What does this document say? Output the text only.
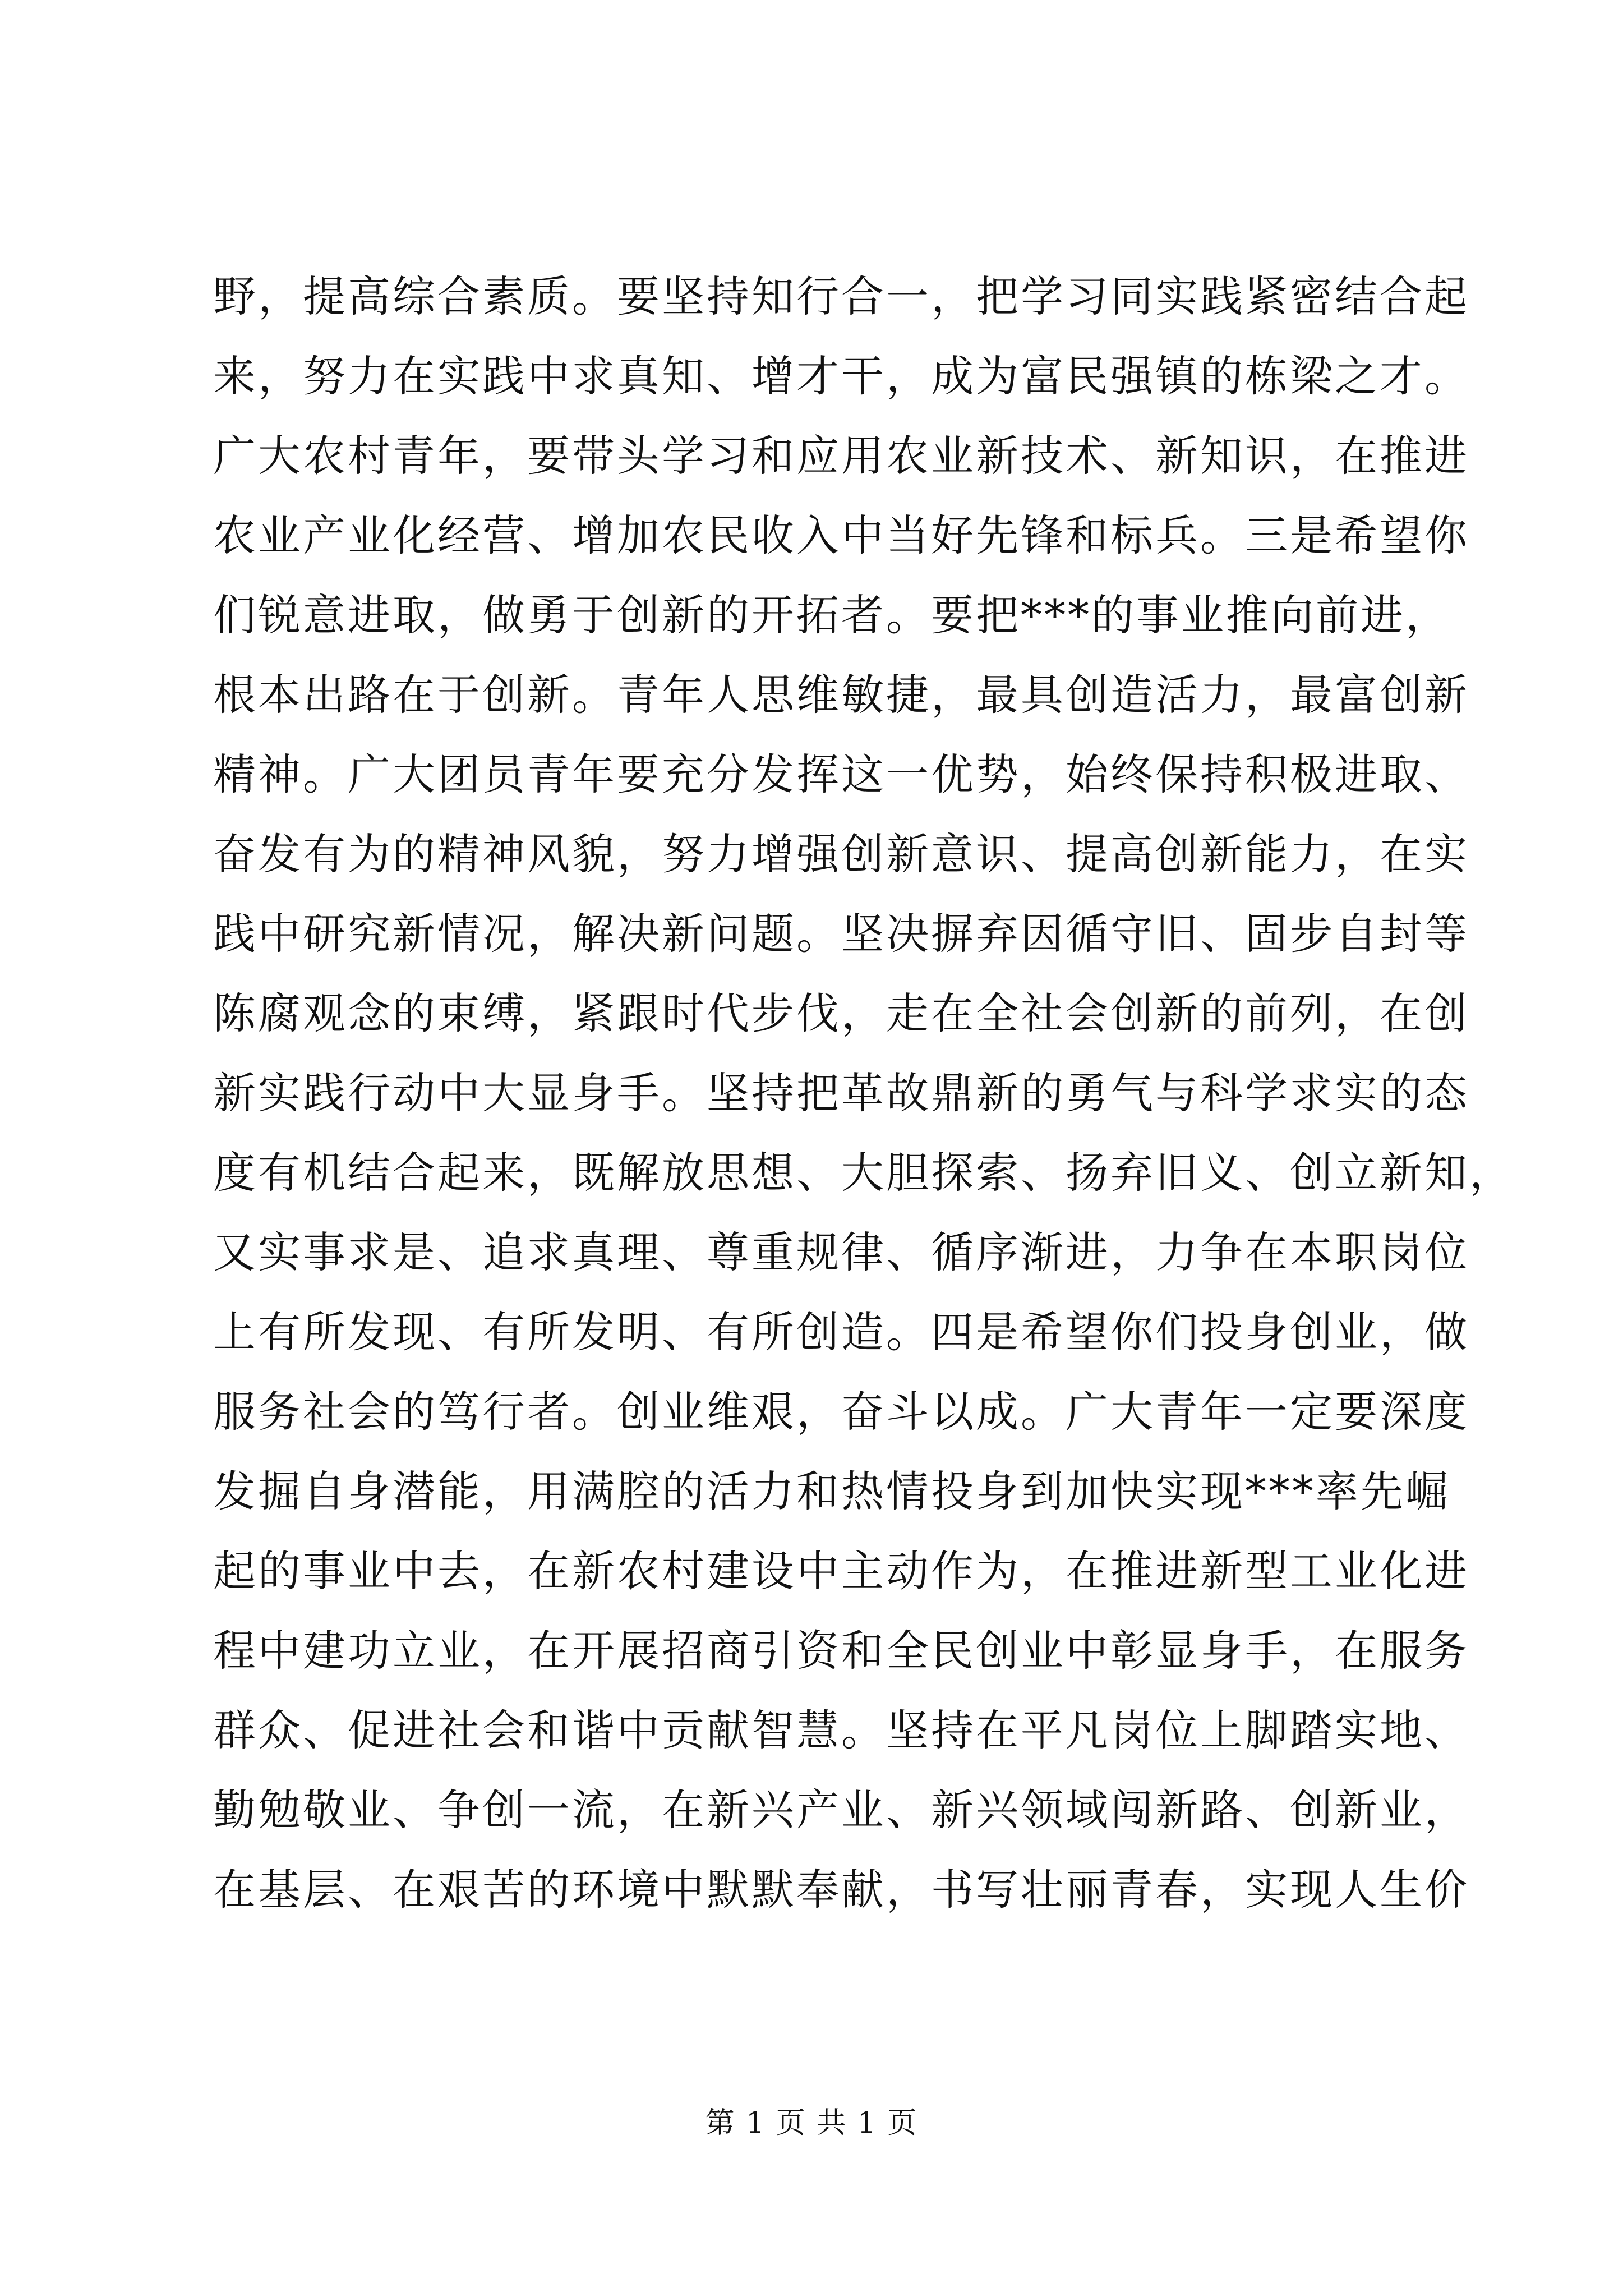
野，提高综合素质。要坚持知行合一，把学习同实践紧密结合起
来，努力在实践中求真知、增才干，成为富民强镇的栋梁之才。
广大农村青年，要带头学习和应用农业新技术、新知识，在推进
农业产业化经营、增加农民收入中当好先锋和标兵。三是希望你
们锐意进取，做勇于创新的开拓者。要把***的事业推向前进，
根本出路在于创新。青年人思维敏捷，最具创造活力，最富创新
精神。广大团员青年要充分发挥这一优势，始终保持积极进取、
奋发有为的精神风貌，努力增强创新意识、提高创新能力，在实
践中研究新情况，解决新问题。坚决摒弃因循守旧、固步自封等
陈腐观念的束缚，紧跟时代步伐，走在全社会创新的前列，在创
新实践行动中大显身手。坚持把革故鼎新的勇气与科学求实的态
度有机结合起来，既解放思想、大胆探索、扬弃旧义、创立新知，
又实事求是、追求真理、尊重规律、循序渐进，力争在本职岗位
上有所发现、有所发明、有所创造。四是希望你们投身创业，做
服务社会的笃行者。创业维艰，奋斗以成。广大青年一定要深度
发掘自身潜能，用满腔的活力和热情投身到加快实现***率先崛
起的事业中去，在新农村建设中主动作为，在推进新型工业化进
程中建功立业，在开展招商引资和全民创业中彰显身手，在服务
群众、促进社会和谐中贡献智慧。坚持在平凡岗位上脚踏实地、
勤勉敬业、争创一流，在新兴产业、新兴领域闯新路、创新业，
在基层、在艰苦的环境中默默奉献，书写壮丽青春，实现人生价
第 1 页 共 1 页
